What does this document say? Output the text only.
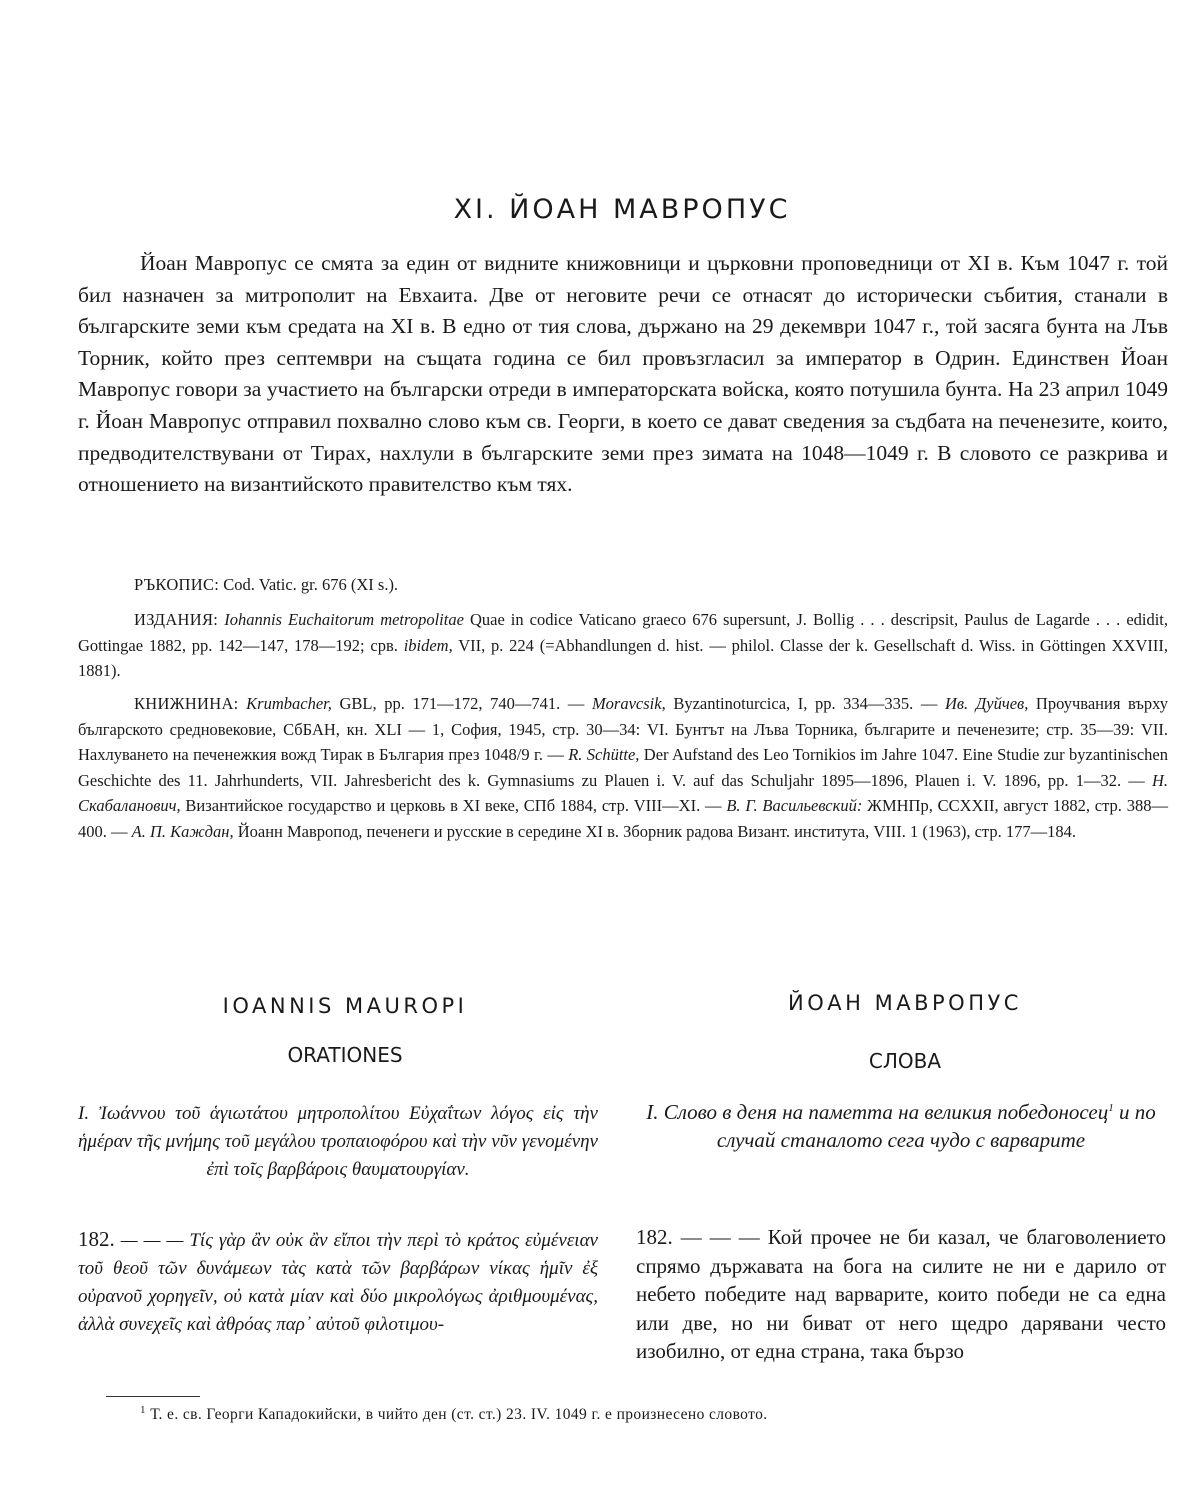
XI. ЙОАН МАВРОПУС

Йоан Мавропус се смята за един от видните книжовници и църковни проповедници от XI в. Към 1047 г. той бил назначен за митрополит на Евхаита. Две от неговите речи се отнасят до исторически събития, станали в българските земи към средата на XI в. В едно от тия слова, държано на 29 декември 1047 г., той засяга бунта на Лъв Торник, който през септември на същата година се бил провъзгласил за император в Одрин. Единствен Йоан Мавропус говори за участието на български отреди в императорската войска, която потушила бунта. На 23 април 1049 г. Йоан Мавропус отправил похвално слово към св. Георги, в което се дават сведения за съдбата на печенезите, които, предводителствувани от Тирах, нахлули в българските земи през зимата на 1048—1049 г. В словото се разкрива и отношението на византийското правителство към тях.

РЪКОПИС: Cod. Vatic. gr. 676 (XI s.).

ИЗДАНИЯ: Iohannis Euchaitorum metropolitae Quae in codice Vaticano graeco 676 supersunt, J. Bollig . . . descripsit, Paulus de Lagarde . . . edidit, Gottingae 1882, pp. 142—147, 178—192; срв. ibidem, VII, p. 224 (=Abhandlungen d. hist. — philol. Classe der k. Gesellschaft d. Wiss. in Göttingen XXVIII, 1881).

КНИЖНИНА: Krumbacher, GBL, pp. 171—172, 740—741. — Moravcsik, Byzantinoturcica, I, pp. 334—335. — Ив. Дуйчев, Проучвания върху българското средновековие, СбБАН, кн. XLI — 1, София, 1945, стр. 30—34: VI. Бунтът на Лъва Торника, българите и печенезите; стр. 35—39: VII. Нахлуването на печенежкия вожд Тирак в България през 1048/9 г. — R. Schütte, Der Aufstand des Leo Tornikios im Jahre 1047. Eine Studie zur byzantinischen Geschichte des 11. Jahrhunderts, VII. Jahresbericht des k. Gymnasiums zu Plauen i. V. auf das Schuljahr 1895—1896, Plauen i. V. 1896, pp. 1—32. — Н. Скабаланович, Византийское государство и церковь в XI веке, СПб 1884, стр. VIII—XI. — В. Г. Васильевский: ЖМНПр, CCXXII, август 1882, стр. 388—400. — А. П. Каждан, Йоанн Мавропод, печенеги и русские в середине XI в. Зборник радова Визант. института, VIII. 1 (1963), стр. 177—184.

IOANNIS MAUROPI
ORATIONES
ЙОАН МАВРОПУС
СЛОВА

I. Ἰωάννου τοῦ ἁγιωτάτου μητροπολίτου Εὐχαΐτων λόγος εἰς τὴν ἡμέραν τῆς μνήμης τοῦ μεγάλου τροπαιοφόρου καὶ τὴν νῦν γενομένην ἐπὶ τοῖς βαρβάροις θαυματουργίαν.

I. Слово в деня на паметта на великия победоносец$^1$ и по случай станалото сега чудо с варварите

182. — — — Τίς γὰρ ἂν οὐκ ἂν εἴποι τὴν περὶ τὸ κράτος εὐμένειαν τοῦ θεοῦ τῶν δυνάμεων τὰς κατὰ τῶν βαρβάρων νίκας ἡμῖν ἐξ οὐρανοῦ χορηγεῖν, οὐ κατὰ μίαν καὶ δύο μικρολόγως ἀριθμουμένας, ἀλλὰ συνεχεῖς καὶ ἀθρόας παρ᾽ αὐτοῦ φιλοτιμου-

182. — — — Кой прочее не би казал, че благоволението спрямо държавата на бога на силите не ни е дарило от небето победите над варварите, които победи не са една или две, но ни биват от него щедро дарявани често изобилно, от една страна, така бързо

$^1$ Т. е. св. Георги Кападокийски, в чийто ден (ст. ст.) 23. IV. 1049 г. е произнесено словото.
